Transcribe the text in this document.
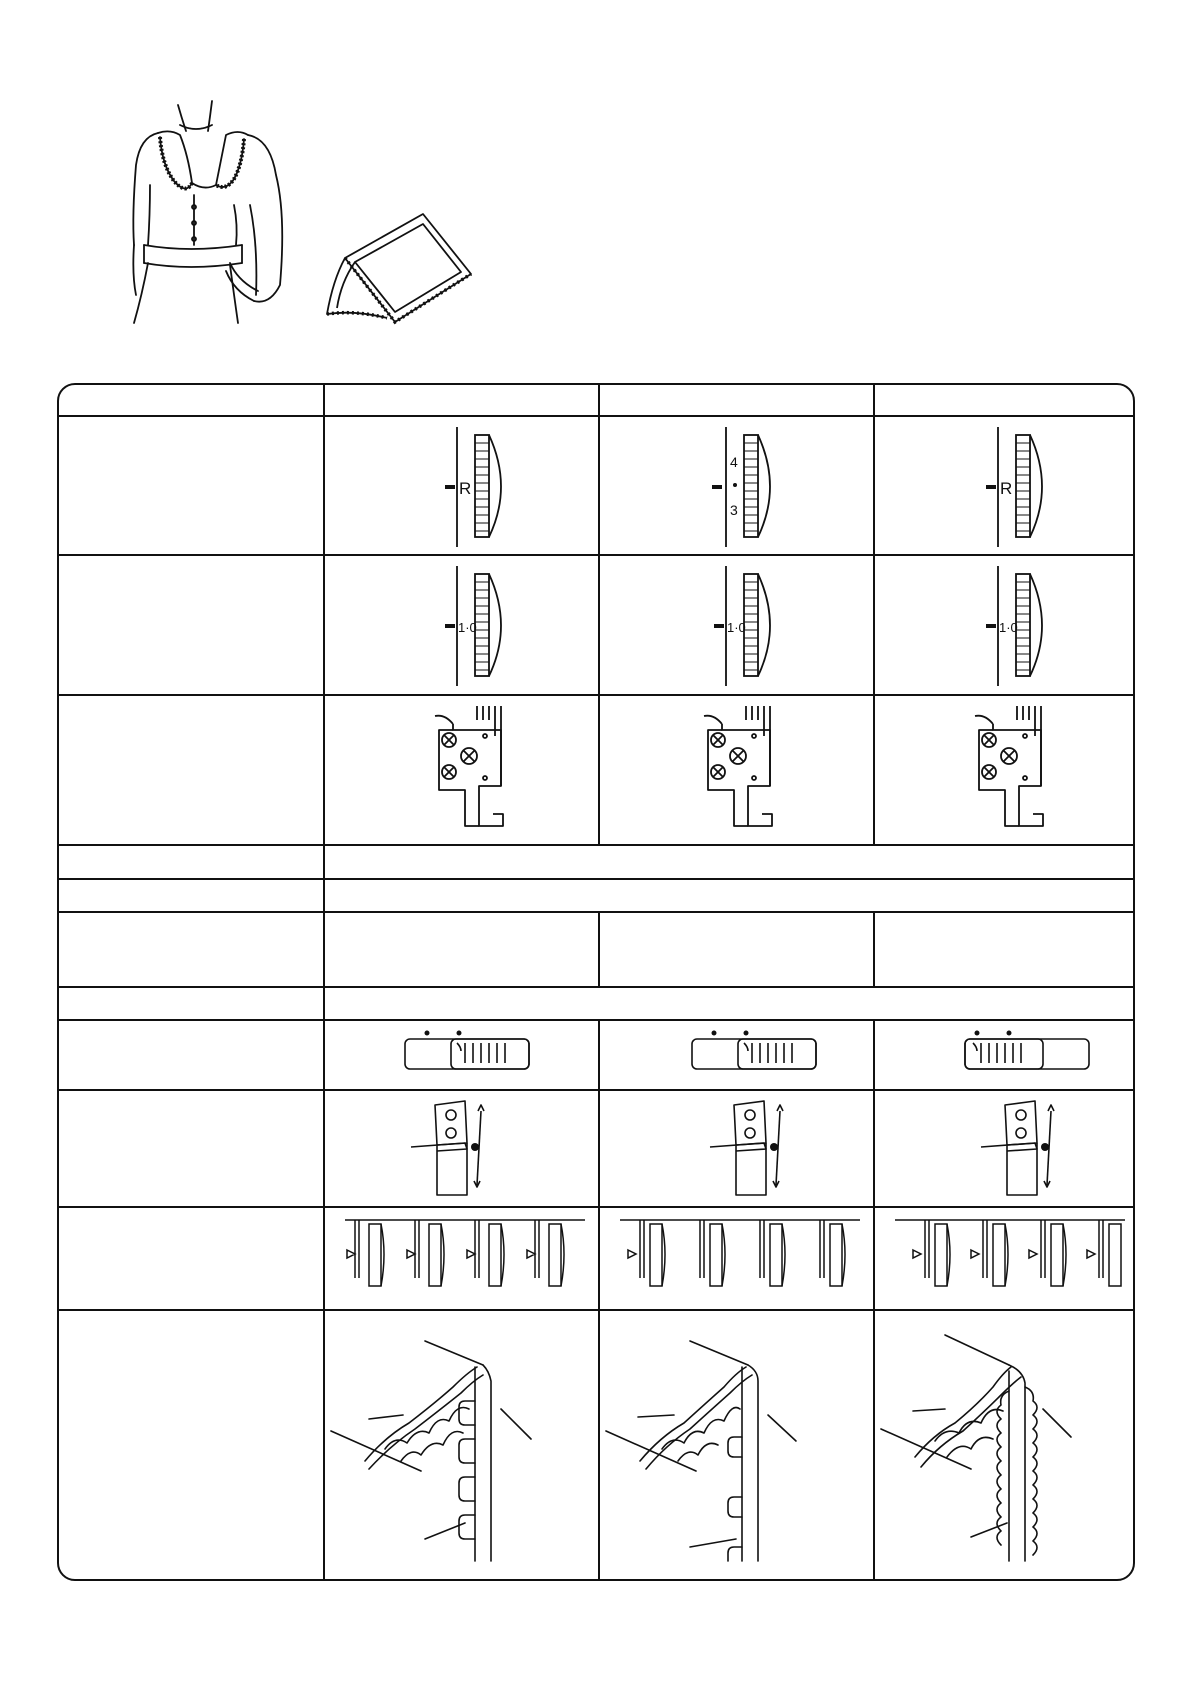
R
4
3
R
1·0	1·0	1·0
